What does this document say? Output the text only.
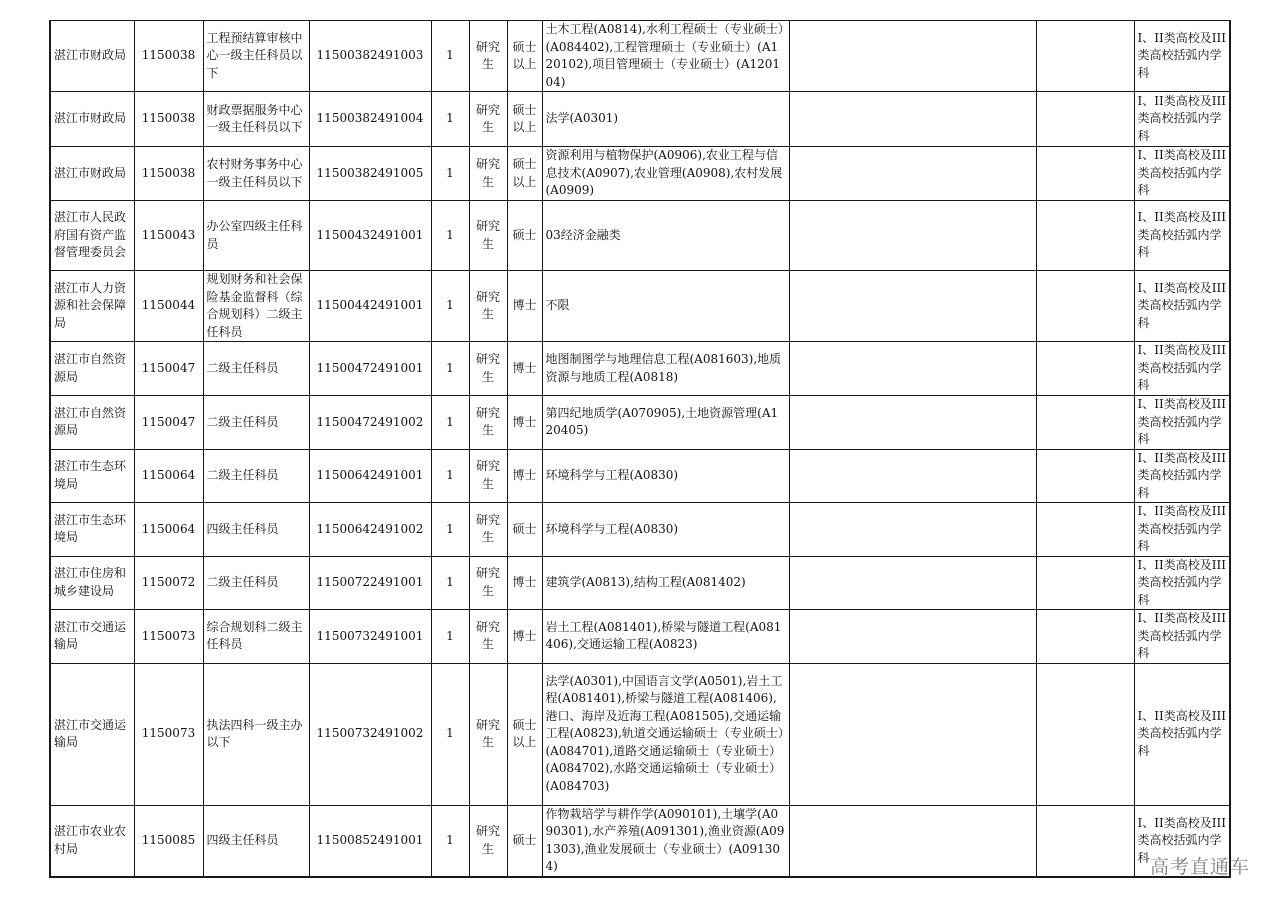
湛江市财政局	1150038	工程预结算审核中心一级主任科员以下	11500382491003	1	研究生	硕士以上	土木工程(A0814),水利工程硕士（专业硕士）(A084402),工程管理硕士（专业硕士）(A120102),项目管理硕士（专业硕士）(A120104)			I、II类高校及III类高校括弧内学科
湛江市财政局	1150038	财政票据服务中心一级主任科员以下	11500382491004	1	研究生	硕士以上	法学(A0301)			I、II类高校及III类高校括弧内学科
湛江市财政局	1150038	农村财务事务中心一级主任科员以下	11500382491005	1	研究生	硕士以上	资源利用与植物保护(A0906),农业工程与信息技术(A0907),农业管理(A0908),农村发展(A0909)			I、II类高校及III类高校括弧内学科
湛江市人民政府国有资产监督管理委员会	1150043	办公室四级主任科员	11500432491001	1	研究生	硕士	03经济金融类			I、II类高校及III类高校括弧内学科
湛江市人力资源和社会保障局	1150044	规划财务和社会保险基金监督科（综合规划科）二级主任科员	11500442491001	1	研究生	博士	不限			I、II类高校及III类高校括弧内学科
湛江市自然资源局	1150047	二级主任科员	11500472491001	1	研究生	博士	地图制图学与地理信息工程(A081603),地质资源与地质工程(A0818)			I、II类高校及III类高校括弧内学科
湛江市自然资源局	1150047	二级主任科员	11500472491002	1	研究生	博士	第四纪地质学(A070905),土地资源管理(A120405)			I、II类高校及III类高校括弧内学科
湛江市生态环境局	1150064	二级主任科员	11500642491001	1	研究生	博士	环境科学与工程(A0830)			I、II类高校及III类高校括弧内学科
湛江市生态环境局	1150064	四级主任科员	11500642491002	1	研究生	硕士	环境科学与工程(A0830)			I、II类高校及III类高校括弧内学科
湛江市住房和城乡建设局	1150072	二级主任科员	11500722491001	1	研究生	博士	建筑学(A0813),结构工程(A081402)			I、II类高校及III类高校括弧内学科
湛江市交通运输局	1150073	综合规划科二级主任科员	11500732491001	1	研究生	博士	岩土工程(A081401),桥梁与隧道工程(A081406),交通运输工程(A0823)			I、II类高校及III类高校括弧内学科
湛江市交通运输局	1150073	执法四科一级主办以下	11500732491002	1	研究生	硕士以上	法学(A0301),中国语言文学(A0501),岩土工程(A081401),桥梁与隧道工程(A081406),港口、海岸及近海工程(A081505),交通运输工程(A0823),轨道交通运输硕士（专业硕士）(A084701),道路交通运输硕士（专业硕士）(A084702),水路交通运输硕士（专业硕士）(A084703)			I、II类高校及III类高校括弧内学科
湛江市农业农村局	1150085	四级主任科员	11500852491001	1	研究生	硕士	作物栽培学与耕作学(A090101),土壤学(A090301),水产养殖(A091301),渔业资源(A091303),渔业发展硕士（专业硕士）(A091304)			I、II类高校及III类高校括弧内学科 高考直通车
